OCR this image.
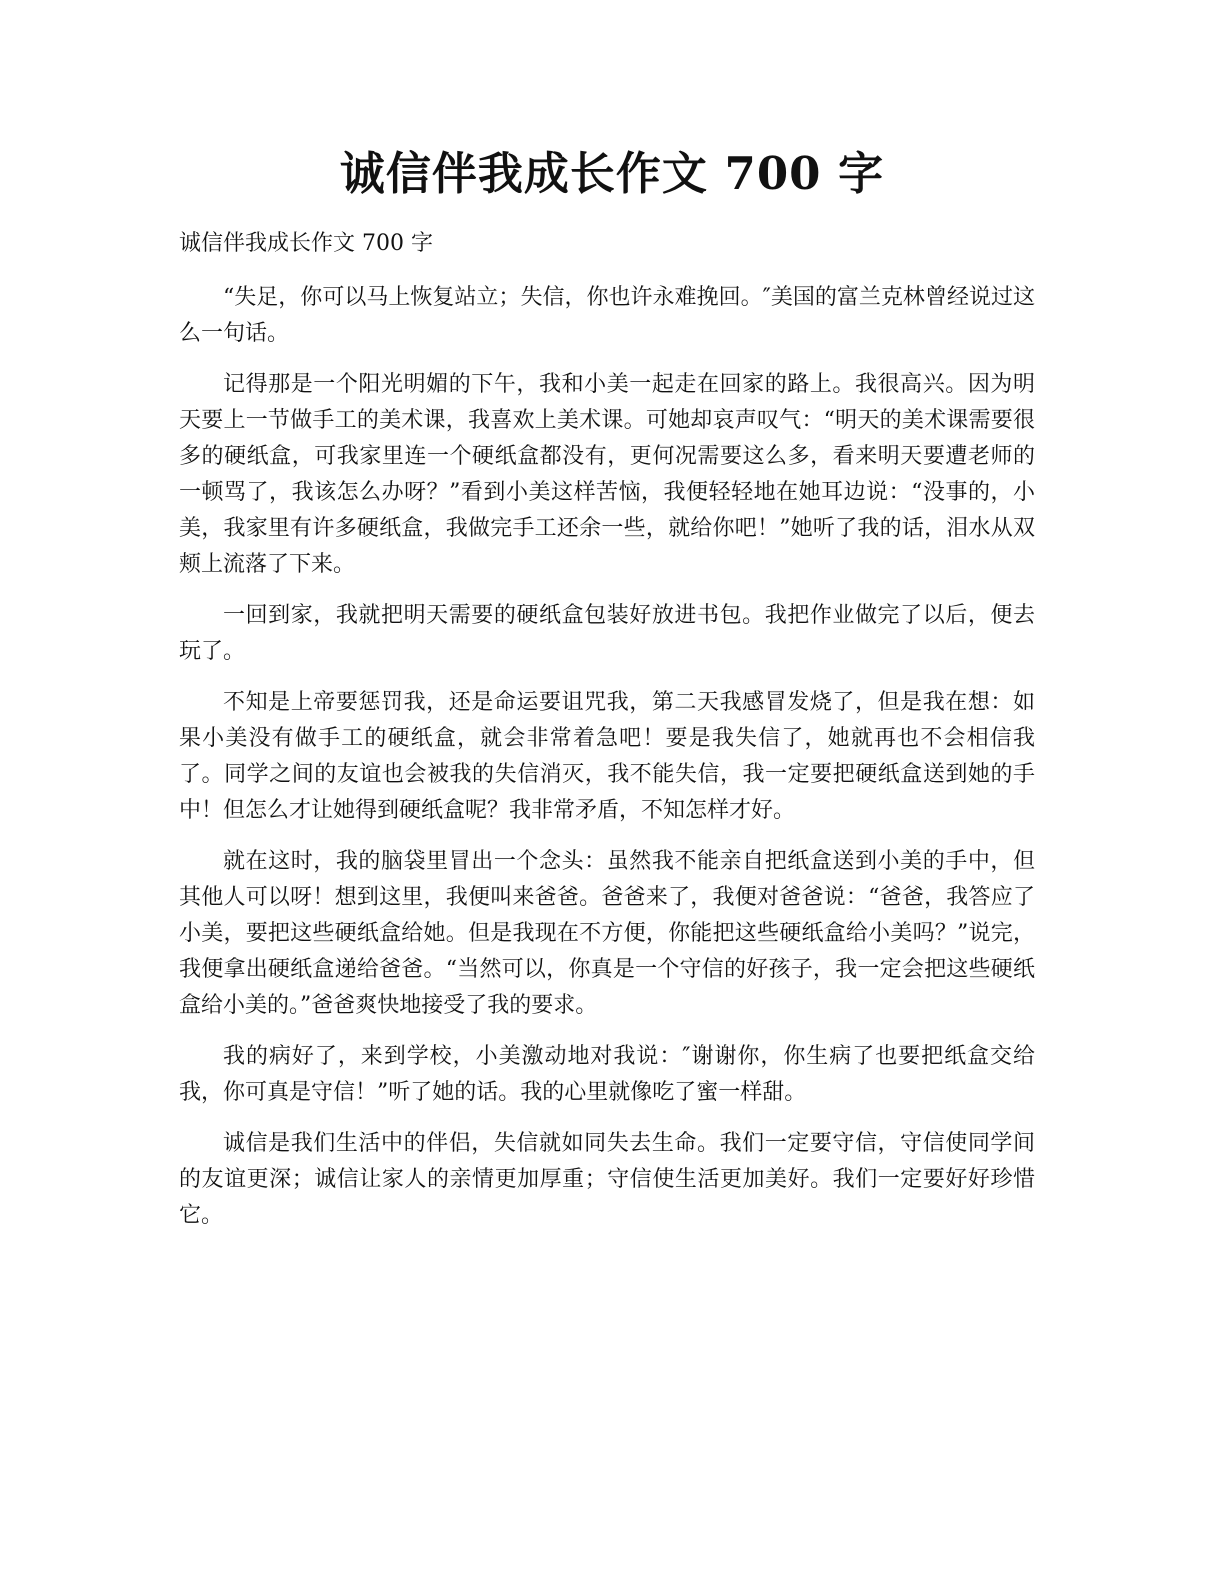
诚信伴我成长作文 700 字

诚信伴我成长作文 700 字

“失足，你可以马上恢复站立；失信，你也许永难挽回。″美国的富兰克林曾经说过这么一句话。

记得那是一个阳光明媚的下午，我和小美一起走在回家的路上。我很高兴。因为明天要上一节做手工的美术课，我喜欢上美术课。可她却哀声叹气：“明天的美术课需要很多的硬纸盒，可我家里连一个硬纸盒都没有，更何况需要这么多，看来明天要遭老师的一顿骂了，我该怎么办呀？”看到小美这样苦恼，我便轻轻地在她耳边说：“没事的，小美，我家里有许多硬纸盒，我做完手工还余一些，就给你吧！”她听了我的话，泪水从双颊上流落了下来。

一回到家，我就把明天需要的硬纸盒包装好放进书包。我把作业做完了以后，便去玩了。

不知是上帝要惩罚我，还是命运要诅咒我，第二天我感冒发烧了，但是我在想：如果小美没有做手工的硬纸盒，就会非常着急吧！要是我失信了，她就再也不会相信我了。同学之间的友谊也会被我的失信消灭，我不能失信，我一定要把硬纸盒送到她的手中！但怎么才让她得到硬纸盒呢？我非常矛盾，不知怎样才好。

就在这时，我的脑袋里冒出一个念头：虽然我不能亲自把纸盒送到小美的手中，但其他人可以呀！想到这里，我便叫来爸爸。爸爸来了，我便对爸爸说：“爸爸，我答应了小美，要把这些硬纸盒给她。但是我现在不方便，你能把这些硬纸盒给小美吗？”说完，我便拿出硬纸盒递给爸爸。“当然可以，你真是一个守信的好孩子，我一定会把这些硬纸盒给小美的。”爸爸爽快地接受了我的要求。

我的病好了，来到学校，小美激动地对我说：″谢谢你，你生病了也要把纸盒交给我，你可真是守信！”听了她的话。我的心里就像吃了蜜一样甜。

诚信是我们生活中的伴侣，失信就如同失去生命。我们一定要守信，守信使同学间的友谊更深；诚信让家人的亲情更加厚重；守信使生活更加美好。我们一定要好好珍惜它。
